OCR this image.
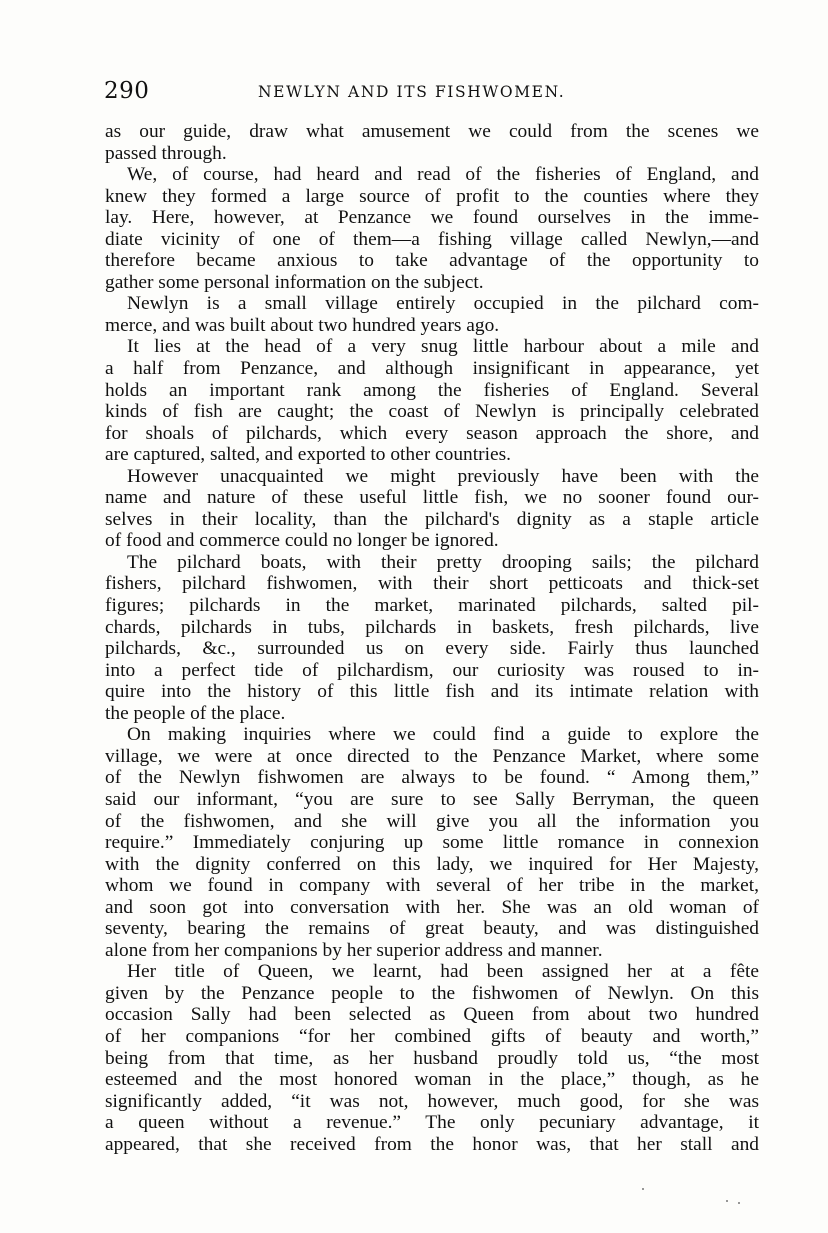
290	NEWLYN AND ITS FISHWOMEN.
as our guide, draw what amusement we could from the scenes we
passed through.
We, of course, had heard and read of the fisheries of England, and
knew they formed a large source of profit to the counties where they
lay. Here, however, at Penzance we found ourselves in the imme-
diate vicinity of one of them—a fishing village called Newlyn,—and
therefore became anxious to take advantage of the opportunity to
gather some personal information on the subject.
Newlyn is a small village entirely occupied in the pilchard com-
merce, and was built about two hundred years ago.
It lies at the head of a very snug little harbour about a mile and
a half from Penzance, and although insignificant in appearance, yet
holds an important rank among the fisheries of England. Several
kinds of fish are caught; the coast of Newlyn is principally celebrated
for shoals of pilchards, which every season approach the shore, and
are captured, salted, and exported to other countries.
However unacquainted we might previously have been with the
name and nature of these useful little fish, we no sooner found our-
selves in their locality, than the pilchard's dignity as a staple article
of food and commerce could no longer be ignored.
The pilchard boats, with their pretty drooping sails; the pilchard
fishers, pilchard fishwomen, with their short petticoats and thick-set
figures; pilchards in the market, marinated pilchards, salted pil-
chards, pilchards in tubs, pilchards in baskets, fresh pilchards, live
pilchards, &c., surrounded us on every side. Fairly thus launched
into a perfect tide of pilchardism, our curiosity was roused to in-
quire into the history of this little fish and its intimate relation with
the people of the place.
On making inquiries where we could find a guide to explore the
village, we were at once directed to the Penzance Market, where some
of the Newlyn fishwomen are always to be found. “ Among them,”
said our informant, “you are sure to see Sally Berryman, the queen
of the fishwomen, and she will give you all the information you
require.” Immediately conjuring up some little romance in connexion
with the dignity conferred on this lady, we inquired for Her Majesty,
whom we found in company with several of her tribe in the market,
and soon got into conversation with her. She was an old woman of
seventy, bearing the remains of great beauty, and was distinguished
alone from her companions by her superior address and manner.
Her title of Queen, we learnt, had been assigned her at a fête
given by the Penzance people to the fishwomen of Newlyn. On this
occasion Sally had been selected as Queen from about two hundred
of her companions “for her combined gifts of beauty and worth,”
being from that time, as her husband proudly told us, “the most
esteemed and the most honored woman in the place,” though, as he
significantly added, “it was not, however, much good, for she was
a queen without a revenue.” The only pecuniary advantage, it
appeared, that she received from the honor was, that her stall and
